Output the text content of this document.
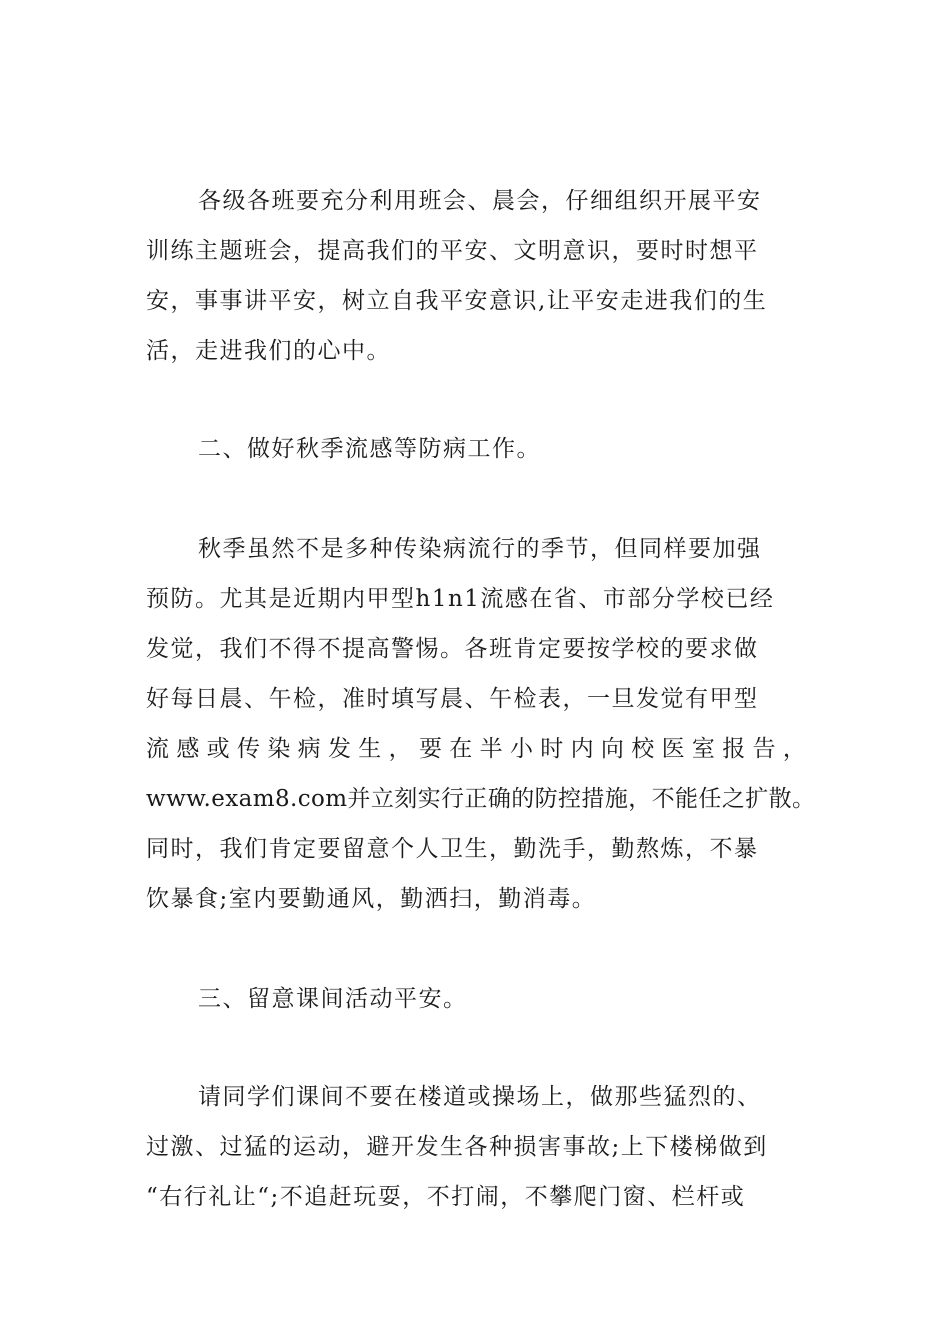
各级各班要充分利用班会、晨会，仔细组织开展平安
训练主题班会，提高我们的平安、文明意识，要时时想平
安，事事讲平安，树立自我平安意识,让平安走进我们的生
活，走进我们的心中。
二、做好秋季流感等防病工作。
秋季虽然不是多种传染病流行的季节，但同样要加强
预防。尤其是近期内甲型h1n1流感在省、市部分学校已经
发觉，我们不得不提高警惕。各班肯定要按学校的要求做
好每日晨、午检，准时填写晨、午检表，一旦发觉有甲型
流 感 或 传 染 病 发 生 ， 要 在 半 小 时 内 向 校 医 室 报 告 ，
www.exam8.com并立刻实行正确的防控措施，不能任之扩散。
同时，我们肯定要留意个人卫生，勤洗手，勤熬炼，不暴
饮暴食;室内要勤通风，勤洒扫，勤消毒。
三、留意课间活动平安。
请同学们课间不要在楼道或操场上，做那些猛烈的、
过激、过猛的运动，避开发生各种损害事故;上下楼梯做到
“右行礼让“;不追赶玩耍，不打闹，不攀爬门窗、栏杆或
